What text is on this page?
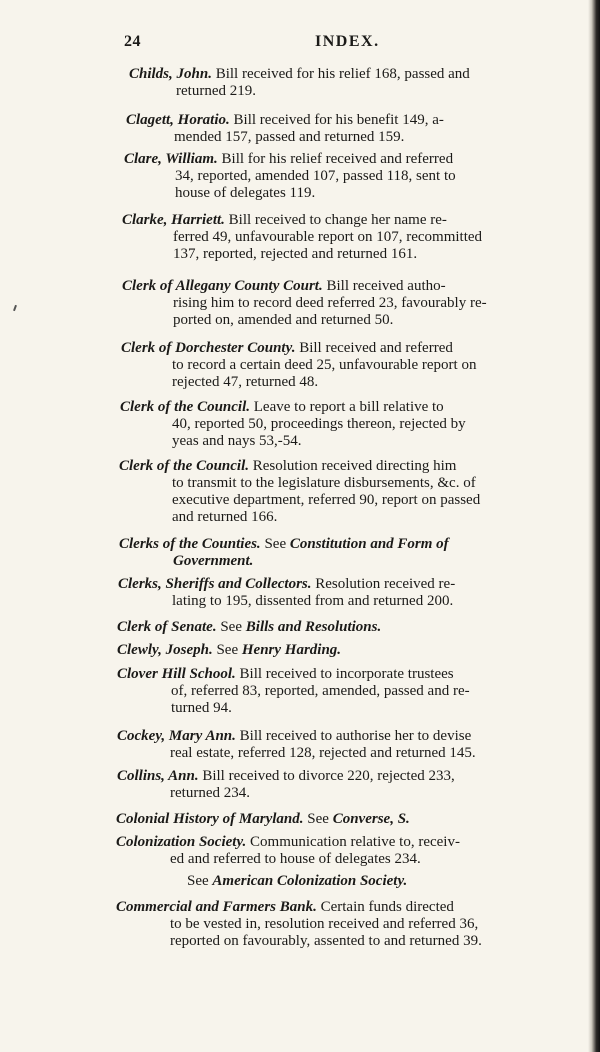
24	INDEX.
Childs, John. Bill received for his relief 168, passed and
returned 219.
Clagett, Horatio. Bill received for his benefit 149, a-
mended 157, passed and returned 159.
Clare, William. Bill for his relief received and referred
34, reported, amended 107, passed 118, sent to
house of delegates 119.
Clarke, Harriett. Bill received to change her name re-
ferred 49, unfavourable report on 107, recommitted
137, reported, rejected and returned 161.
Clerk of Allegany County Court. Bill received autho-
rising him to record deed referred 23, favourably re-
ported on, amended and returned 50.
Clerk of Dorchester County. Bill received and referred
to record a certain deed 25, unfavourable report on
rejected 47, returned 48.
Clerk of the Council. Leave to report a bill relative to
40, reported 50, proceedings thereon, rejected by
yeas and nays 53,-54.
Clerk of the Council. Resolution received directing him
to transmit to the legislature disbursements, &c. of
executive department, referred 90, report on passed
and returned 166.
Clerks of the Counties. See Constitution and Form of
Government.
Clerks, Sheriffs and Collectors. Resolution received re-
lating to 195, dissented from and returned 200.
Clerk of Senate. See Bills and Resolutions.
Clewly, Joseph. See Henry Harding.
Clover Hill School. Bill received to incorporate trustees
of, referred 83, reported, amended, passed and re-
turned 94.
Cockey, Mary Ann. Bill received to authorise her to devise
real estate, referred 128, rejected and returned 145.
Collins, Ann. Bill received to divorce 220, rejected 233,
returned 234.
Colonial History of Maryland. See Converse, S.
Colonization Society. Communication relative to, receiv-
ed and referred to house of delegates 234.
See American Colonization Society.
Commercial and Farmers Bank. Certain funds directed
to be vested in, resolution received and referred 36,
reported on favourably, assented to and returned 39.
